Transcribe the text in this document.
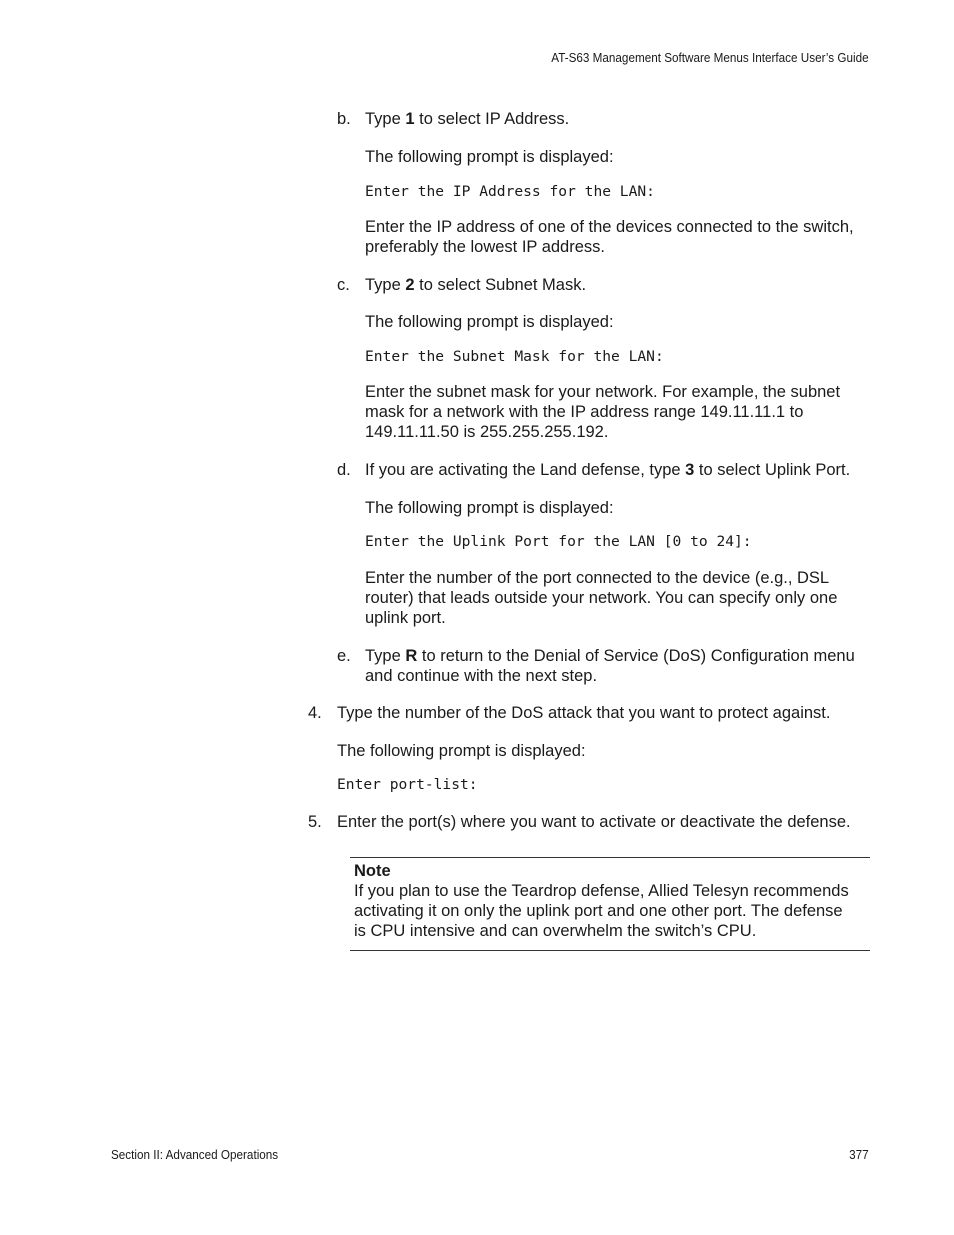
AT-S63 Management Software Menus Interface User’s Guide
b. Type 1 to select IP Address.
The following prompt is displayed:
Enter the IP Address for the LAN:
Enter the IP address of one of the devices connected to the switch,
preferably the lowest IP address.
c. Type 2 to select Subnet Mask.
The following prompt is displayed:
Enter the Subnet Mask for the LAN:
Enter the subnet mask for your network. For example, the subnet
mask for a network with the IP address range 149.11.11.1 to
149.11.11.50 is 255.255.255.192.
d. If you are activating the Land defense, type 3 to select Uplink Port.
The following prompt is displayed:
Enter the Uplink Port for the LAN [0 to 24]:
Enter the number of the port connected to the device (e.g., DSL
router) that leads outside your network. You can specify only one
uplink port.
e. Type R to return to the Denial of Service (DoS) Configuration menu
and continue with the next step.
4. Type the number of the DoS attack that you want to protect against.
The following prompt is displayed:
Enter port-list:
5. Enter the port(s) where you want to activate or deactivate the defense.
Note
If you plan to use the Teardrop defense, Allied Telesyn recommends
activating it on only the uplink port and one other port. The defense
is CPU intensive and can overwhelm the switch’s CPU.
Section II: Advanced Operations	377
